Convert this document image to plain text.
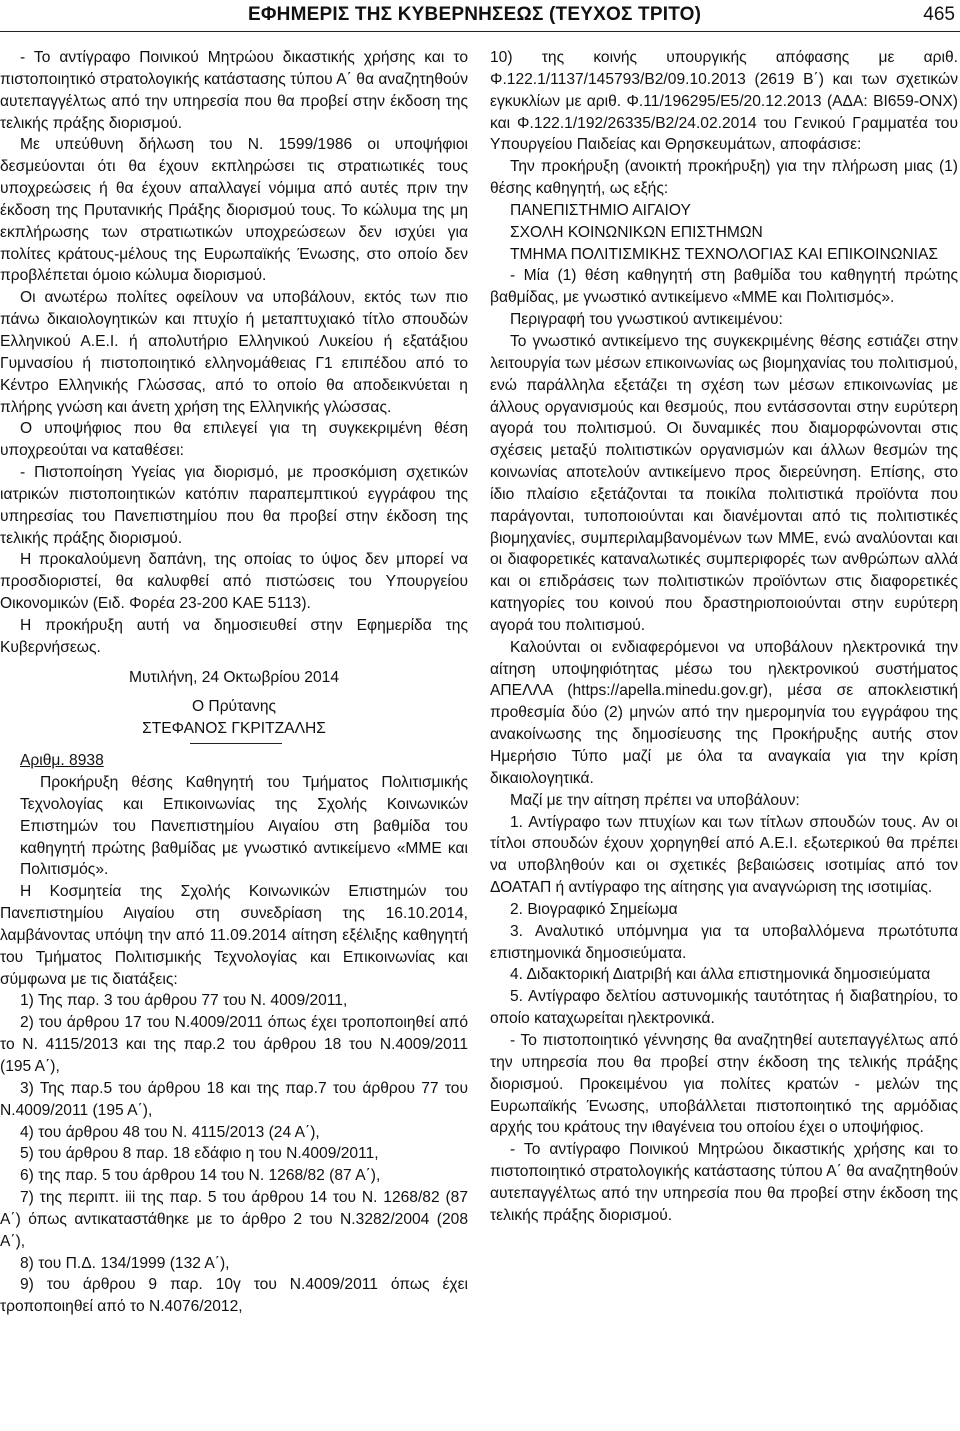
ΕΦΗΜΕΡΙΣ ΤΗΣ ΚΥΒΕΡΝΗΣΕΩΣ (ΤΕΥΧΟΣ ΤΡΙΤΟ)	465

- Το αντίγραφο Ποινικού Μητρώου δικαστικής χρήσης και το πιστοποιητικό στρατολογικής κατάστασης τύπου Α΄ θα αναζητηθούν αυτεπαγγέλτως από την υπηρεσία που θα προβεί στην έκδοση της τελικής πράξης διορισμού.

Με υπεύθυνη δήλωση του Ν. 1599/1986 οι υποψήφιοι δεσμεύονται ότι θα έχουν εκπληρώσει τις στρατιωτικές τους υποχρεώσεις ή θα έχουν απαλλαγεί νόμιμα από αυτές πριν την έκδοση της Πρυτανικής Πράξης διορισμού τους. Το κώλυμα της μη εκπλήρωσης των στρατιωτικών υποχρεώσεων δεν ισχύει για πολίτες κράτους-μέλους της Ευρωπαϊκής Ένωσης, στο οποίο δεν προβλέπεται όμοιο κώλυμα διορισμού.

Οι ανωτέρω πολίτες οφείλουν να υποβάλουν, εκτός των πιο πάνω δικαιολογητικών και πτυχίο ή μεταπτυχιακό τίτλο σπουδών Ελληνικού Α.Ε.Ι. ή απολυτήριο Ελληνικού Λυκείου ή εξατάξιου Γυμνασίου ή πιστοποιητικό ελληνομάθειας Γ1 επιπέδου από το Κέντρο Ελληνικής Γλώσσας, από το οποίο θα αποδεικνύεται η πλήρης γνώση και άνετη χρήση της Ελληνικής γλώσσας.

Ο υποψήφιος που θα επιλεγεί για τη συγκεκριμένη θέση υποχρεούται να καταθέσει:

- Πιστοποίηση Υγείας για διορισμό, με προσκόμιση σχετικών ιατρικών πιστοποιητικών κατόπιν παραπεμπτικού εγγράφου της υπηρεσίας του Πανεπιστημίου που θα προβεί στην έκδοση της τελικής πράξης διορισμού.

Η προκαλούμενη δαπάνη, της οποίας το ύψος δεν μπορεί να προσδιοριστεί, θα καλυφθεί από πιστώσεις του Υπουργείου Οικονομικών (Ειδ. Φορέα 23-200 ΚΑΕ 5113).

Η προκήρυξη αυτή να δημοσιευθεί στην Εφημερίδα της Κυβερνήσεως.

Μυτιλήνη, 24 Οκτωβρίου 2014

Ο Πρύτανης

ΣΤΕΦΑΝΟΣ ΓΚΡΙΤΖΑΛΗΣ

Αριθμ. 8938

Προκήρυξη θέσης Καθηγητή του Τμήματος Πολιτισμικής Τεχνολογίας και Επικοινωνίας της Σχολής Κοινωνικών Επιστημών του Πανεπιστημίου Αιγαίου στη βαθμίδα του καθηγητή πρώτης βαθμίδας με γνωστικό αντικείμενο «ΜΜΕ και Πολιτισμός».

Η Κοσμητεία της Σχολής Κοινωνικών Επιστημών του Πανεπιστημίου Αιγαίου στη συνεδρίαση της 16.10.2014, λαμβάνοντας υπόψη την από 11.09.2014 αίτηση εξέλιξης καθηγητή του Τμήματος Πολιτισμικής Τεχνολογίας και Επικοινωνίας και σύμφωνα με τις διατάξεις:

1) Της παρ. 3 του άρθρου 77 του Ν. 4009/2011,

2) του άρθρου 17 του Ν.4009/2011 όπως έχει τροποποιηθεί από το Ν. 4115/2013 και της παρ.2 του άρθρου 18 του Ν.4009/2011 (195 Α΄),

3) Της παρ.5 του άρθρου 18 και της παρ.7 του άρθρου 77 του Ν.4009/2011 (195 Α΄),

4) του άρθρου 48 του Ν. 4115/2013 (24 Α΄),

5) του άρθρου 8 παρ. 18 εδάφιο η του Ν.4009/2011,

6) της παρ. 5 του άρθρου 14 του Ν. 1268/82 (87 Α΄),

7) της περιπτ. iii της παρ. 5 του άρθρου 14 του Ν. 1268/82 (87 Α΄) όπως αντικαταστάθηκε με το άρθρο 2 του Ν.3282/2004 (208 Α΄),

8) του Π.Δ. 134/1999 (132 Α΄),

9) του άρθρου 9 παρ. 10γ του Ν.4009/2011 όπως έχει τροποποιηθεί από το Ν.4076/2012,

10) της κοινής υπουργικής απόφασης με αριθ. Φ.122.1/1137/145793/Β2/09.10.2013 (2619 Β΄) και των σχετικών εγκυκλίων με αριθ. Φ.11/196295/Ε5/20.12.2013 (ΑΔΑ: ΒΙ659-ΟΝΧ) και Φ.122.1/192/26335/Β2/24.02.2014 του Γενικού Γραμματέα του Υπουργείου Παιδείας και Θρησκευμάτων, αποφάσισε:

Την προκήρυξη (ανοικτή προκήρυξη) για την πλήρωση μιας (1) θέσης καθηγητή, ως εξής:

ΠΑΝΕΠΙΣΤΗΜΙΟ ΑΙΓΑΙΟΥ

ΣΧΟΛΗ ΚΟΙΝΩΝΙΚΩΝ ΕΠΙΣΤΗΜΩΝ

ΤΜΗΜΑ ΠΟΛΙΤΙΣΜΙΚΗΣ ΤΕΧΝΟΛΟΓΙΑΣ ΚΑΙ ΕΠΙΚΟΙΝΩΝΙΑΣ

- Μία (1) θέση καθηγητή στη βαθμίδα του καθηγητή πρώτης βαθμίδας, με γνωστικό αντικείμενο «ΜΜΕ και Πολιτισμός».

Περιγραφή του γνωστικού αντικειμένου:

Το γνωστικό αντικείμενο της συγκεκριμένης θέσης εστιάζει στην λειτουργία των μέσων επικοινωνίας ως βιομηχανίας του πολιτισμού, ενώ παράλληλα εξετάζει τη σχέση των μέσων επικοινωνίας με άλλους οργανισμούς και θεσμούς, που εντάσσονται στην ευρύτερη αγορά του πολιτισμού. Οι δυναμικές που διαμορφώνονται στις σχέσεις μεταξύ πολιτιστικών οργανισμών και άλλων θεσμών της κοινωνίας αποτελούν αντικείμενο προς διερεύνηση. Επίσης, στο ίδιο πλαίσιο εξετάζονται τα ποικίλα πολιτιστικά προϊόντα που παράγονται, τυποποιούνται και διανέμονται από τις πολιτιστικές βιομηχανίες, συμπεριλαμβανομένων των ΜΜΕ, ενώ αναλύονται και οι διαφορετικές καταναλωτικές συμπεριφορές των ανθρώπων αλλά και οι επιδράσεις των πολιτιστικών προϊόντων στις διαφορετικές κατηγορίες του κοινού που δραστηριοποιούνται στην ευρύτερη αγορά του πολιτισμού.

Καλούνται οι ενδιαφερόμενοι να υποβάλουν ηλεκτρονικά την αίτηση υποψηφιότητας μέσω του ηλεκτρονικού συστήματος ΑΠΕΛΛΑ (https://apella.minedu.gov.gr), μέσα σε αποκλειστική προθεσμία δύο (2) μηνών από την ημερομηνία του εγγράφου της ανακοίνωσης της δημοσίευσης της Προκήρυξης αυτής στον Ημερήσιο Τύπο μαζί με όλα τα αναγκαία για την κρίση δικαιολογητικά.

Μαζί με την αίτηση πρέπει να υποβάλουν:

1. Αντίγραφο των πτυχίων και των τίτλων σπουδών τους. Αν οι τίτλοι σπουδών έχουν χορηγηθεί από Α.Ε.Ι. εξωτερικού θα πρέπει να υποβληθούν και οι σχετικές βεβαιώσεις ισοτιμίας από τον ΔΟΑΤΑΠ ή αντίγραφο της αίτησης για αναγνώριση της ισοτιμίας.

2. Βιογραφικό Σημείωμα

3. Αναλυτικό υπόμνημα για τα υποβαλλόμενα πρωτότυπα επιστημονικά δημοσιεύματα.

4. Διδακτορική Διατριβή και άλλα επιστημονικά δημοσιεύματα

5. Αντίγραφο δελτίου αστυνομικής ταυτότητας ή διαβατηρίου, το οποίο καταχωρείται ηλεκτρονικά.

- Το πιστοποιητικό γέννησης θα αναζητηθεί αυτεπαγγέλτως από την υπηρεσία που θα προβεί στην έκδοση της τελικής πράξης διορισμού. Προκειμένου για πολίτες κρατών - μελών της Ευρωπαϊκής Ένωσης, υποβάλλεται πιστοποιητικό της αρμόδιας αρχής του κράτους την ιθαγένεια του οποίου έχει ο υποψήφιος.

- Το αντίγραφο Ποινικού Μητρώου δικαστικής χρήσης και το πιστοποιητικό στρατολογικής κατάστασης τύπου Α΄ θα αναζητηθούν αυτεπαγγέλτως από την υπηρεσία που θα προβεί στην έκδοση της τελικής πράξης διορισμού.
